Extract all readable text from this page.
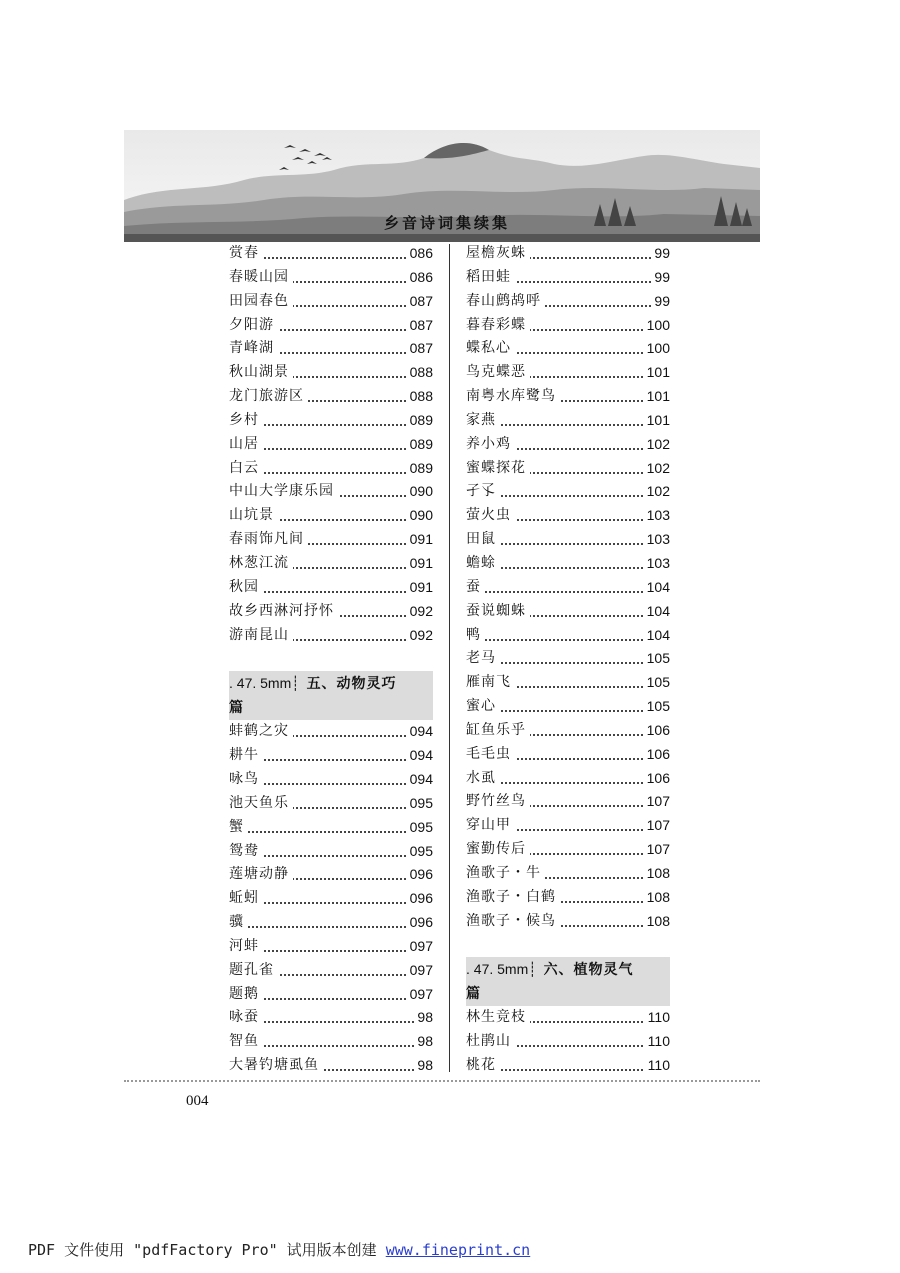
乡音诗词集续集
赏春	086
春暖山园	086
田园春色	087
夕阳游	087
青峰湖	087
秋山湖景	088
龙门旅游区	088
乡村	089
山居	089
白云	089
中山大学康乐园	090
山坑景	090
春雨饰凡间	091
林葱江流	091
秋园	091
故乡西淋河抒怀	092
游南昆山	092
. 47. 5mm┊ 五、动物灵巧
篇
蚌鹤之灾	094
耕牛	094
咏鸟	094
池天鱼乐	095
蟹	095
鸳鸯	095
莲塘动静	096
蚯蚓	096
骥	096
河蚌	097
题孔雀	097
题鹅	097
咏蚕	98
智鱼	98
大暑钓塘虱鱼	98
屋檐灰蛛	99
稻田蛙	99
春山鹧鸪呼	99
暮春彩蝶	100
蝶私心	100
鸟克蝶恶	101
南粤水库鹭鸟	101
家燕	101
养小鸡	102
蜜蝶探花	102
孑孓	102
萤火虫	103
田鼠	103
蟾蜍	103
蚕	104
蚕说蜘蛛	104
鸭	104
老马	105
雁南飞	105
蜜心	105
缸鱼乐乎	106
毛毛虫	106
水虱	106
野竹丝鸟	107
穿山甲	107
蜜勤传后	107
渔歌子・牛	108
渔歌子・白鹤	108
渔歌子・候鸟	108
. 47. 5mm┊ 六、植物灵气
篇
林生竞枝	110
杜鹃山	110
桃花	110
004
PDF 文件使用 "pdfFactory Pro" 试用版本创建 www.fineprint.cn
